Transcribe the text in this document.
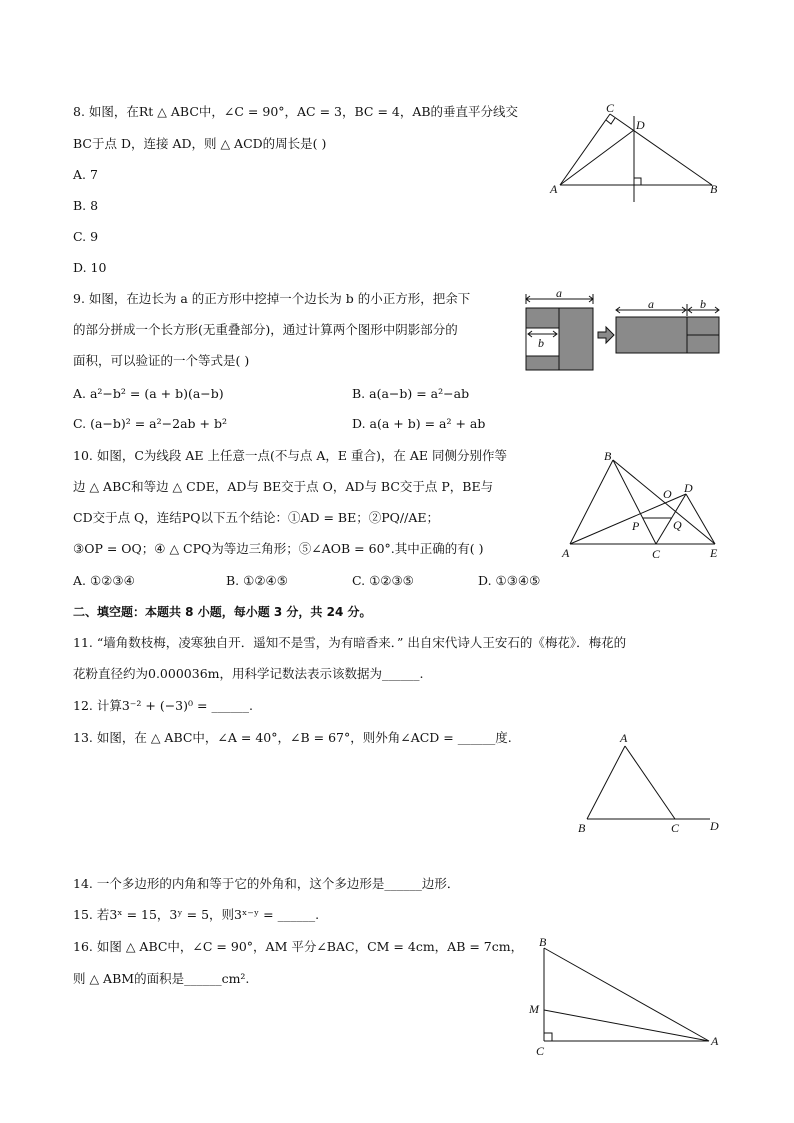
8. 如图，在Rt △ ABC中，∠C = 90°，AC = 3，BC = 4，AB的垂直平分线交
BC于点 D，连接 AD，则 △ ACD的周长是( )
A. 7
B. 8
C. 9
D. 10
C
D
A	B
9. 如图，在边长为 a 的正方形中挖掉一个边长为 b 的小正方形，把余下
的部分拼成一个长方形(无重叠部分)，通过计算两个图形中阴影部分的
面积，可以验证的一个等式是( )
A. a²−b² = (a + b)(a−b)	B. a(a−b) = a²−ab
C. (a−b)² = a²−2ab + b²	D. a(a + b) = a² + ab
a
b
a	b
10. 如图，C为线段 AE 上任意一点(不与点 A，E 重合)，在 AE 同侧分别作等
边 △ ABC和等边 △ CDE，AD与 BE交于点 O，AD与 BC交于点 P，BE与
CD交于点 Q，连结PQ以下五个结论：①AD = BE；②PQ//AE；
③OP = OQ；④ △ CPQ为等边三角形；⑤∠AOB = 60°.其中正确的有( )
A. ①②③④	B. ①②④⑤	C. ①②③⑤	D. ①③④⑤
B
O D
P	Q
A	C	E
二、填空题：本题共 8 小题，每小题 3 分，共 24 分。
11. “墙角数枝梅，凌寒独自开．遥知不是雪，为有暗香来．” 出自宋代诗人王安石的《梅花》．梅花的
花粉直径约为0.000036m，用科学记数法表示该数据为______.
12. 计算3⁻² + (−3)⁰ = ______.
13. 如图，在 △ ABC中，∠A = 40°，∠B = 67°，则外角∠ACD = ______度.	A
B	C	D
14. 一个多边形的内角和等于它的外角和，这个多边形是______边形．
15. 若3ˣ = 15，3ʸ = 5，则3ˣ⁻ʸ = ______.
16. 如图 △ ABC中，∠C = 90°，AM 平分∠BAC，CM = 4cm，AB = 7cm，
则 △ ABM的面积是______cm².
B
M
C
A
